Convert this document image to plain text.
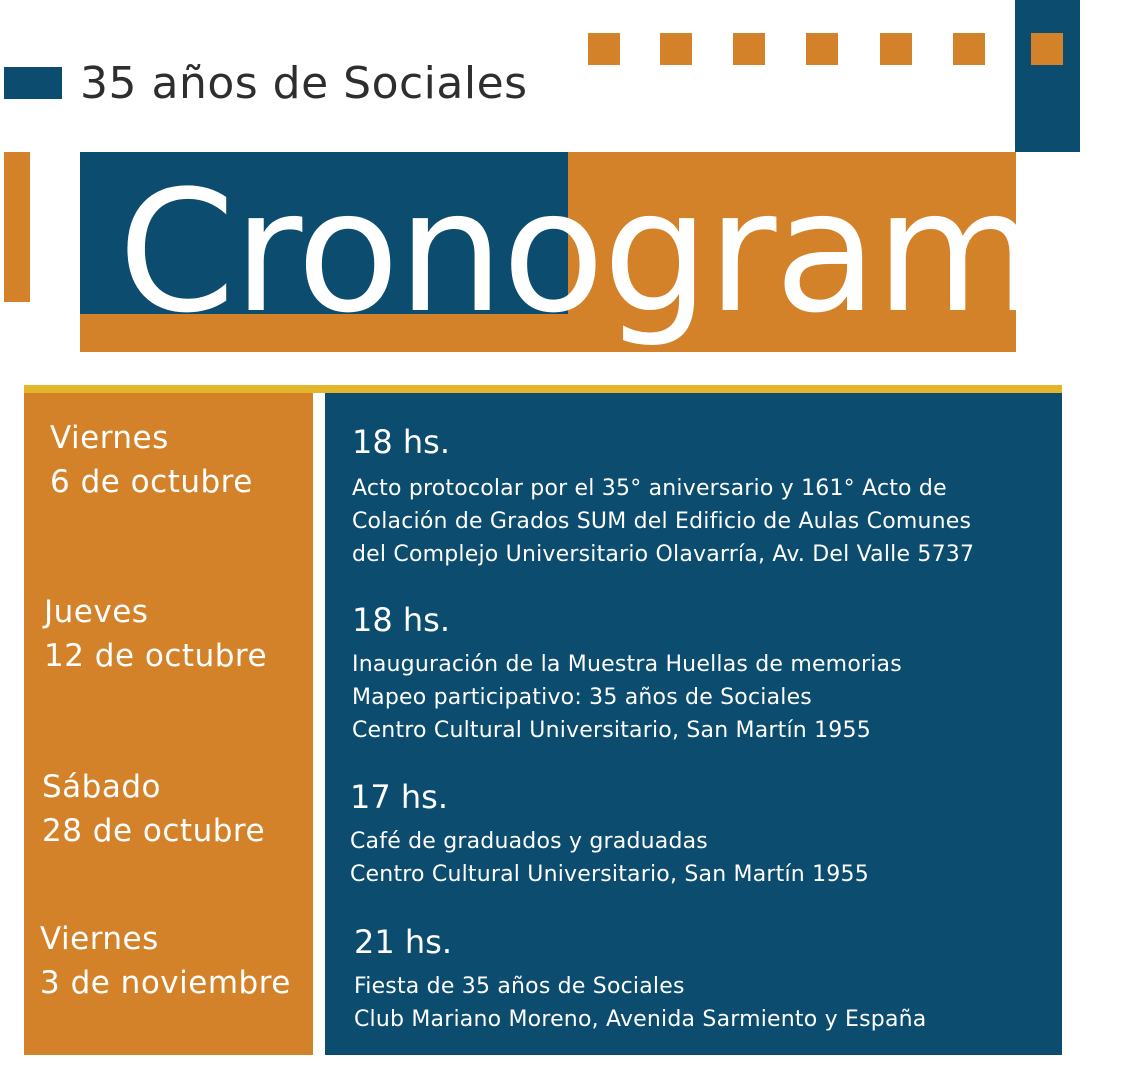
35 años de Sociales
Cronograma
Viernes
6 de octubre
18 hs.
Acto protocolar por el 35° aniversario y 161° Acto de
Colación de Grados SUM del Edificio de Aulas Comunes
del Complejo Universitario Olavarría, Av. Del Valle 5737
Jueves
12 de octubre
18 hs.
Inauguración de la Muestra Huellas de memorias
Mapeo participativo: 35 años de Sociales
Centro Cultural Universitario, San Martín 1955
Sábado
28 de octubre
17 hs.
Café de graduados y graduadas
Centro Cultural Universitario, San Martín 1955
Viernes
3 de noviembre
21 hs.
Fiesta de 35 años de Sociales
Club Mariano Moreno, Avenida Sarmiento y España
